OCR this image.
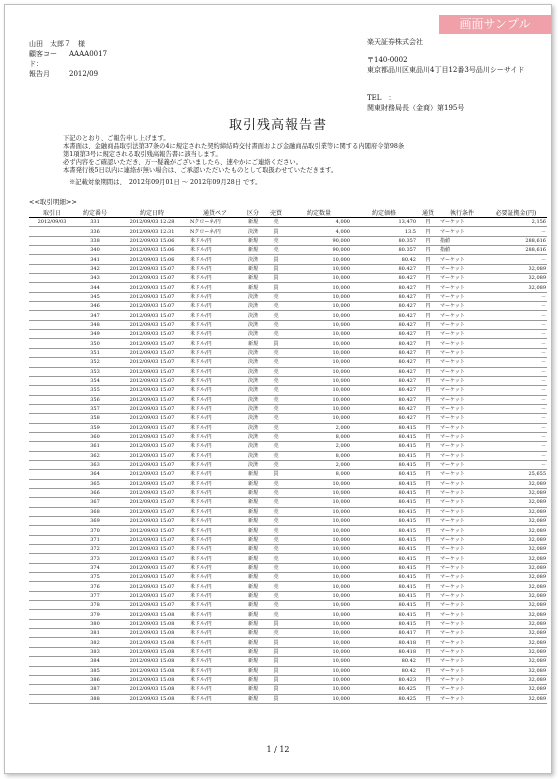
画面サンプル
山田　太郎７　様
顧客コード：
AAAA0017
報告月	2012/09
楽天証券株式会社
〒140-0002
東京都品川区東品川4丁目12番3号品川シーサイド
TEL　：
関東財務局長（金商）第195号
取引残高報告書
下記のとおり、ご報告申し上げます。
本書面は、金融商品取引法第37条の4に規定された契約締結時交付書面および金融商品取引業等に関する内閣府令第98条
第1項第3号に規定される取引残高報告書に該当します。
必ず内容をご確認いただき、万一疑義がございましたら、速やかにご連絡ください。
本書発行後5日以内に連絡が無い場合は、ご承認いただいたものとして取扱わせていただきます。
※記載対象期間は、　2012年09月01日 ～ 2012年09月28日 です。
<<取引明細>>
取引日	約定番号	約定日時	通貨ペア	区分	売買	約定数量	約定価格	通貨	執行条件	必要証拠金(円)
2012/09/03	331	2012/09/03 12:28	Nクローネ/円	新規	売	4,000	13,470	円	マーケット	2,156
	336	2012/09/03 12:31	Nクローネ/円	決済	買	4,000	13.5	円	マーケット	－
	338	2012/09/03 15:06	米ドル/円	新規	売	90,000	80.357	円	指値	288,616
	340	2012/09/03 15:06	米ドル/円	新規	売	90,000	80.357	円	指値	288,616
	341	2012/09/03 15:06	米ドル/円	決済	買	10,000	80.42	円	マーケット	－
	342	2012/09/03 15:07	米ドル/円	新規	買	10,000	80.427	円	マーケット	32,089
	343	2012/09/03 15:07	米ドル/円	新規	買	10,000	80.427	円	マーケット	32,089
	344	2012/09/03 15:07	米ドル/円	新規	買	10,000	80.427	円	マーケット	32,089
	345	2012/09/03 15:07	米ドル/円	決済	売	10,000	80.427	円	マーケット	－
	346	2012/09/03 15:07	米ドル/円	決済	売	10,000	80.427	円	マーケット	－
	347	2012/09/03 15:07	米ドル/円	決済	売	10,000	80.427	円	マーケット	－
	348	2012/09/03 15:07	米ドル/円	決済	売	10,000	80.427	円	マーケット	－
	349	2012/09/03 15:07	米ドル/円	決済	売	10,000	80.427	円	マーケット	－
	350	2012/09/03 15:07	米ドル/円	新規	買	10,000	80.427	円	マーケット	－
	351	2012/09/03 15:07	米ドル/円	決済	売	10,000	80.427	円	マーケット	－
	352	2012/09/03 15:07	米ドル/円	決済	売	10,000	80.427	円	マーケット	－
	353	2012/09/03 15:07	米ドル/円	決済	売	10,000	80.427	円	マーケット	－
	354	2012/09/03 15:07	米ドル/円	決済	売	10,000	80.427	円	マーケット	－
	355	2012/09/03 15:07	米ドル/円	決済	売	10,000	80.427	円	マーケット	－
	356	2012/09/03 15:07	米ドル/円	決済	売	10,000	80.427	円	マーケット	－
	357	2012/09/03 15:07	米ドル/円	決済	売	10,000	80.427	円	マーケット	－
	358	2012/09/03 15:07	米ドル/円	決済	売	10,000	80.427	円	マーケット	－
	359	2012/09/03 15:07	米ドル/円	決済	売	2,000	80.415	円	マーケット	－
	360	2012/09/03 15:07	米ドル/円	決済	売	8,000	80.415	円	マーケット	－
	361	2012/09/03 15:07	米ドル/円	決済	売	2,000	80.415	円	マーケット	－
	362	2012/09/03 15:07	米ドル/円	決済	売	8,000	80.415	円	マーケット	－
	363	2012/09/03 15:07	米ドル/円	決済	売	2,000	80.415	円	マーケット	－
	364	2012/09/03 15:07	米ドル/円	新規	買	8,000	80.415	円	マーケット	25,655
	365	2012/09/03 15:07	米ドル/円	新規	売	10,000	80.415	円	マーケット	32,089
	366	2012/09/03 15:07	米ドル/円	新規	売	10,000	80.415	円	マーケット	32,089
	367	2012/09/03 15:07	米ドル/円	新規	売	10,000	80.415	円	マーケット	32,089
	368	2012/09/03 15:07	米ドル/円	新規	売	10,000	80.415	円	マーケット	32,089
	369	2012/09/03 15:07	米ドル/円	新規	売	10,000	80.415	円	マーケット	32,089
	370	2012/09/03 15:07	米ドル/円	新規	売	10,000	80.415	円	マーケット	32,089
	371	2012/09/03 15:07	米ドル/円	新規	売	10,000	80.415	円	マーケット	32,089
	372	2012/09/03 15:07	米ドル/円	新規	売	10,000	80.415	円	マーケット	32,089
	373	2012/09/03 15:07	米ドル/円	新規	売	10,000	80.415	円	マーケット	32,089
	374	2012/09/03 15:07	米ドル/円	新規	売	10,000	80.415	円	マーケット	32,089
	375	2012/09/03 15:07	米ドル/円	新規	売	10,000	80.415	円	マーケット	32,089
	376	2012/09/03 15:07	米ドル/円	新規	売	10,000	80.415	円	マーケット	32,089
	377	2012/09/03 15:07	米ドル/円	新規	売	10,000	80.415	円	マーケット	32,089
	378	2012/09/03 15:07	米ドル/円	新規	売	10,000	80.415	円	マーケット	32,089
	379	2012/09/03 15:08	米ドル/円	新規	売	10,000	80.415	円	マーケット	32,089
	380	2012/09/03 15:08	米ドル/円	新規	買	10,000	80.415	円	マーケット	32,089
	381	2012/09/03 15:08	米ドル/円	新規	売	10,000	80.417	円	マーケット	32,089
	382	2012/09/03 15:08	米ドル/円	新規	買	10,000	80.418	円	マーケット	32,089
	383	2012/09/03 15:08	米ドル/円	新規	買	10,000	80.418	円	マーケット	32,089
	384	2012/09/03 15:08	米ドル/円	新規	買	10,000	80.42	円	マーケット	32,089
	385	2012/09/03 15:08	米ドル/円	新規	買	10,000	80.42	円	マーケット	32,089
	386	2012/09/03 15:08	米ドル/円	新規	買	10,000	80.423	円	マーケット	32,089
	387	2012/09/03 15:08	米ドル/円	新規	買	10,000	80.425	円	マーケット	32,089
	388	2012/09/03 15:08	米ドル/円	新規	買	10,000	80.425	円	マーケット	32,089
1 / 12
